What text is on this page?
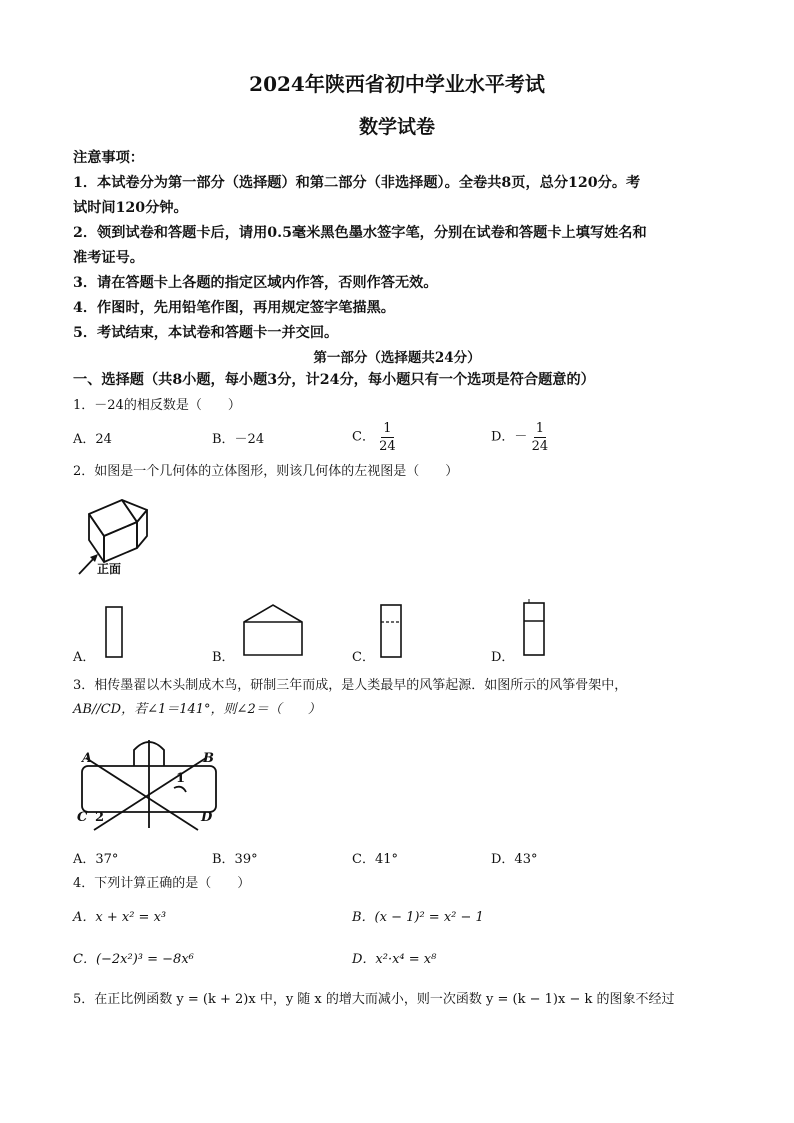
2024年陕西省初中学业水平考试
数学试卷
注意事项：
1．本试卷分为第一部分（选择题）和第二部分（非选择题）。全卷共8页，总分120分。考
试时间120分钟。
2．领到试卷和答题卡后，请用0.5毫米黑色墨水签字笔，分别在试卷和答题卡上填写姓名和
准考证号。
3．请在答题卡上各题的指定区域内作答，否则作答无效。
4．作图时，先用铅笔作图，再用规定签字笔描黑。
5．考试结束，本试卷和答题卡一并交回。
第一部分（选择题共24分）
一、选择题（共8小题，每小题3分，计24分，每小题只有一个选项是符合题意的）
1．－24的相反数是（　　）
A．24	B．－24	C． $\frac{1}{24}$	D．－ $\frac{1}{24}$
2．如图是一个几何体的立体图形，则该几何体的左视图是（　　）
正面
A．	B．	C．	D．
3．相传墨翟以木头制成木鸟，研制三年而成，是人类最早的风筝起源．如图所示的风筝骨架中，
AB//CD，若∠1＝141°，则∠2＝（　　）
A	B
C	D
1
2
A．37°	B．39°	C．41°	D．43°
4．下列计算正确的是（　　）
A．x + x² = x³	B．(x − 1)² = x² − 1
C．(−2x²)³ = −8x⁶	D．x²·x⁴ = x⁸
5．在正比例函数 y = (k + 2)x 中，y 随 x 的增大而减小，则一次函数 y = (k − 1)x − k 的图象不经过
